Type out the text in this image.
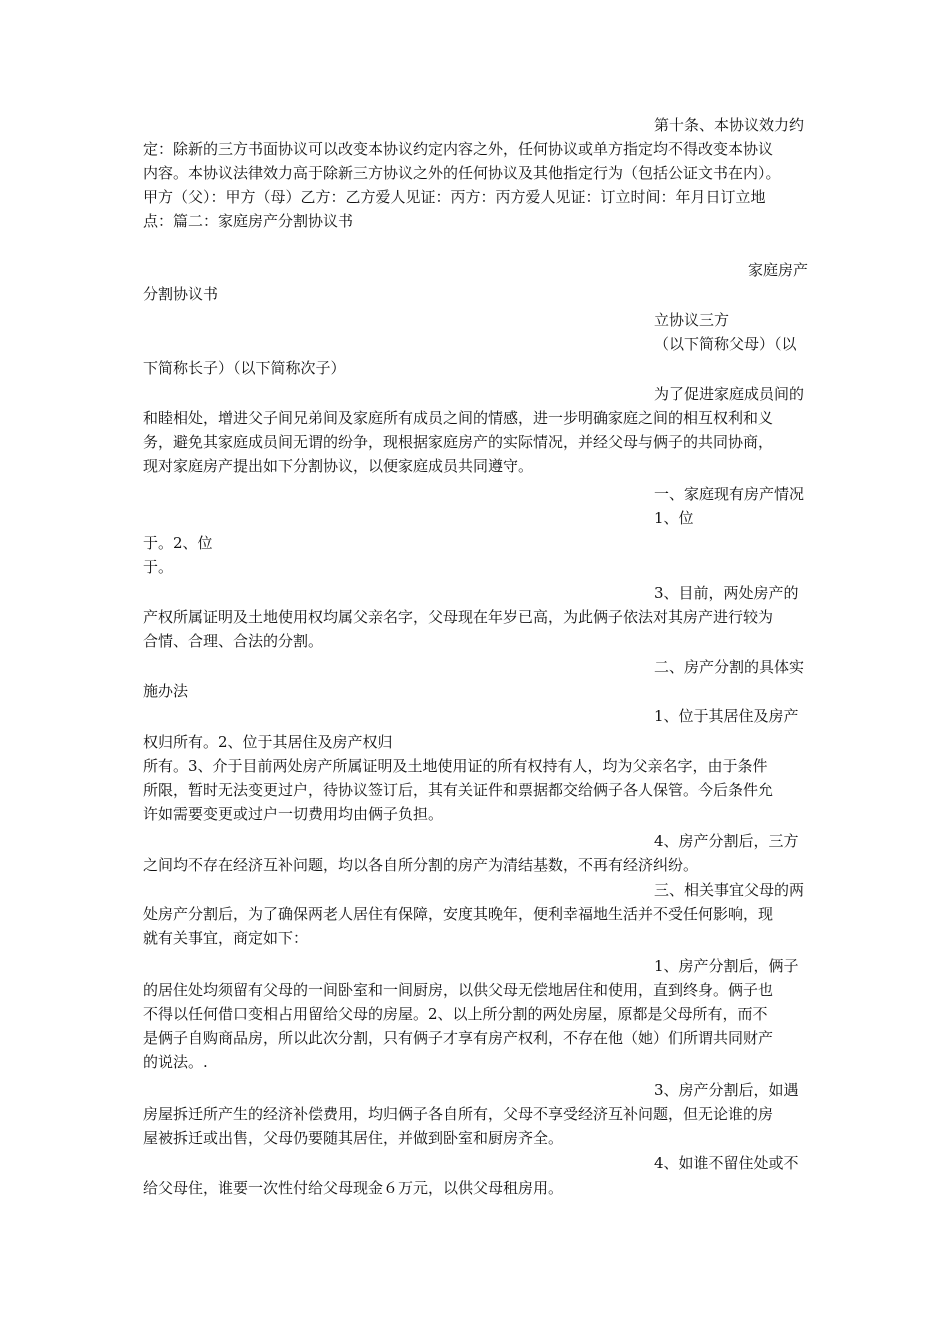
第十条、本协议效力约
定：除新的三方书面协议可以改变本协议约定内容之外，任何协议或单方指定均不得改变本协议
内容。本协议法律效力高于除新三方协议之外的任何协议及其他指定行为（包括公证文书在内）。
甲方（父）：甲方（母）乙方：乙方爱人见证：丙方：丙方爱人见证：订立时间：年月日订立地
点：篇二：家庭房产分割协议书
家庭房产
分割协议书
立协议三方
（以下简称父母）（以
下简称长子）（以下简称次子）
为了促进家庭成员间的
和睦相处，增进父子间兄弟间及家庭所有成员之间的情感，进一步明确家庭之间的相互权利和义
务，避免其家庭成员间无谓的纷争，现根据家庭房产的实际情况，并经父母与俩子的共同协商，
现对家庭房产提出如下分割协议，以便家庭成员共同遵守。
一、家庭现有房产情况
1、位
于。2、位
于。
3、目前，两处房产的
产权所属证明及土地使用权均属父亲名字，父母现在年岁已高，为此俩子依法对其房产进行较为
合情、合理、合法的分割。
二、房产分割的具体实
施办法
1、位于其居住及房产
权归所有。2、位于其居住及房产权归
所有。3、介于目前两处房产所属证明及土地使用证的所有权持有人，均为父亲名字，由于条件
所限，暂时无法变更过户，待协议签订后，其有关证件和票据都交给俩子各人保管。今后条件允
许如需要变更或过户一切费用均由俩子负担。
4、房产分割后，三方
之间均不存在经济互补问题，均以各自所分割的房产为清结基数，不再有经济纠纷。
三、相关事宜父母的两
处房产分割后，为了确保两老人居住有保障，安度其晚年，便利幸福地生活并不受任何影响，现
就有关事宜，商定如下：
1、房产分割后，俩子
的居住处均须留有父母的一间卧室和一间厨房，以供父母无偿地居住和使用，直到终身。俩子也
不得以任何借口变相占用留给父母的房屋。2、以上所分割的两处房屋，原都是父母所有，而不
是俩子自购商品房，所以此次分割，只有俩子才享有房产权利，不存在他（她）们所谓共同财产
的说法。.
3、房产分割后，如遇
房屋拆迁所产生的经济补偿费用，均归俩子各自所有，父母不享受经济互补问题，但无论谁的房
屋被拆迁或出售，父母仍要随其居住，并做到卧室和厨房齐全。
4、如谁不留住处或不
给父母住，谁要一次性付给父母现金６万元，以供父母租房用。
